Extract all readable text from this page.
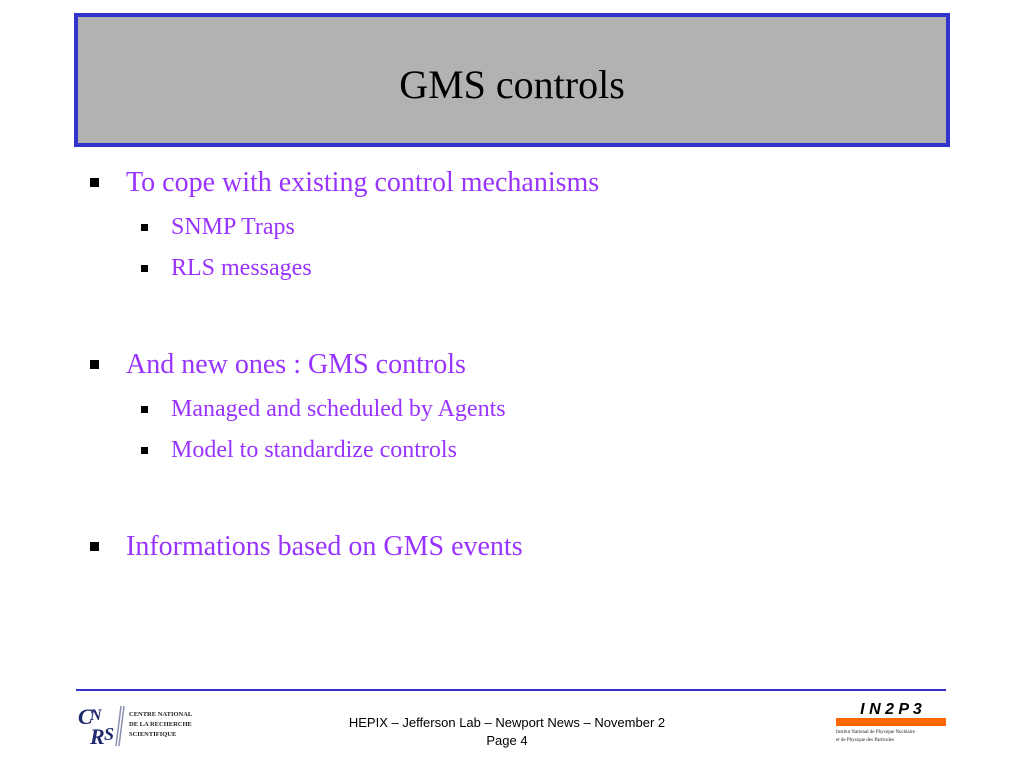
GMS controls
To cope with existing control mechanisms
SNMP Traps
RLS messages
And new ones : GMS controls
Managed and scheduled by Agents
Model to standardize controls
Informations based on GMS events
C
N
R S
CENTRE NATIONAL
DE LA RECHERCHE
SCIENTIFIQUE
HEPIX – Jefferson Lab – Newport News – November 2
Page 4
I N 2 P 3
Institut National de Physique Nucléaire
et de Physique des Particules
